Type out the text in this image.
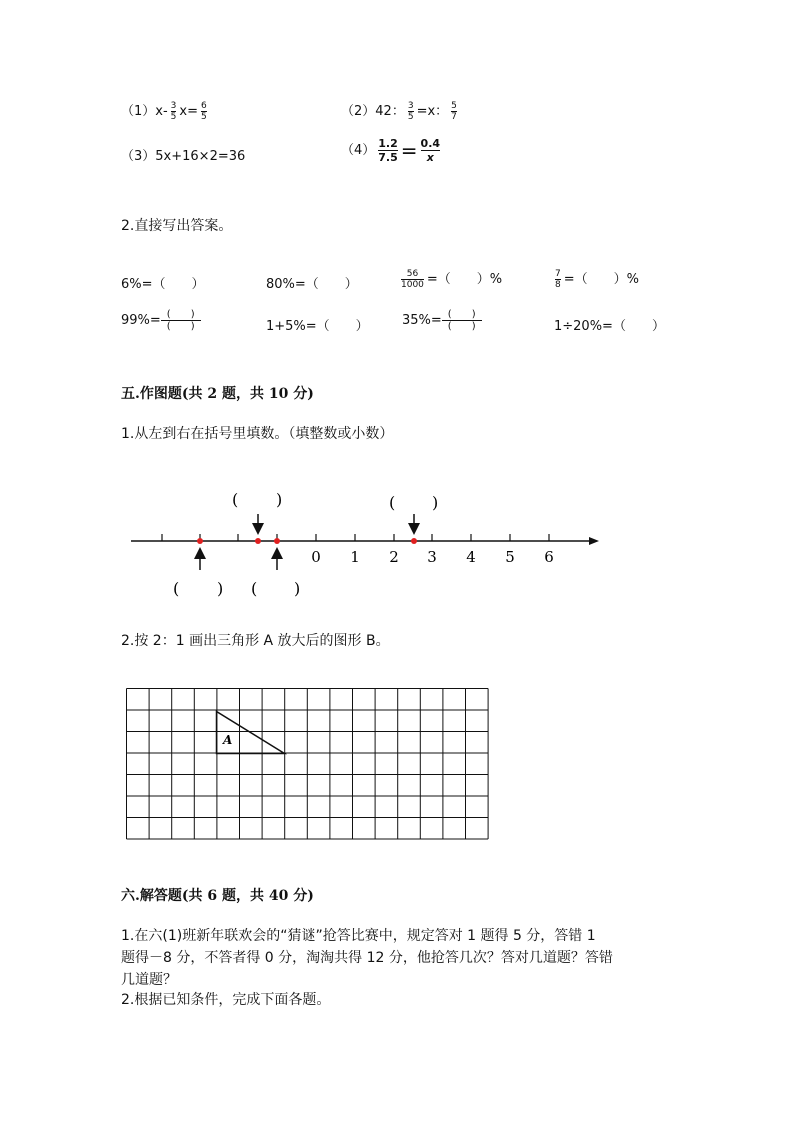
$(1)x- \frac{3}{5} x= \frac{6}{5}$	（2）42： $\frac{3}{5} =x$： $\frac{5}{7}$
（3）5x+16×2=36	$(4) \frac{1.2}{7.5} = \frac{0.4}{x}$
2.直接写出答案。
6%=（　　）	80%=（　　）	$\frac{56}{1000}$ =（　　）%	$\frac{7}{8}$ =（　　）%
$99\%= \frac{( )}{( )}$	1+5%=（　　）	$35\%= \frac{( )}{( )}$	1÷20%=（　　）
五.作图题(共 2 题，共 10 分)
1.从左到右在括号里填数。（填整数或小数）
0 1 2 3 4 5 6
( )	( )
( ) ( )
2.按 2：1 画出三角形 A 放大后的图形 B。
A
六.解答题(共 6 题，共 40 分)
1.在六(1)班新年联欢会的“猜谜”抢答比赛中，规定答对 1 题得 5 分，答错 1
题得－8 分，不答者得 0 分，淘淘共得 12 分，他抢答几次？答对几道题？答错
几道题？
2.根据已知条件，完成下面各题。
